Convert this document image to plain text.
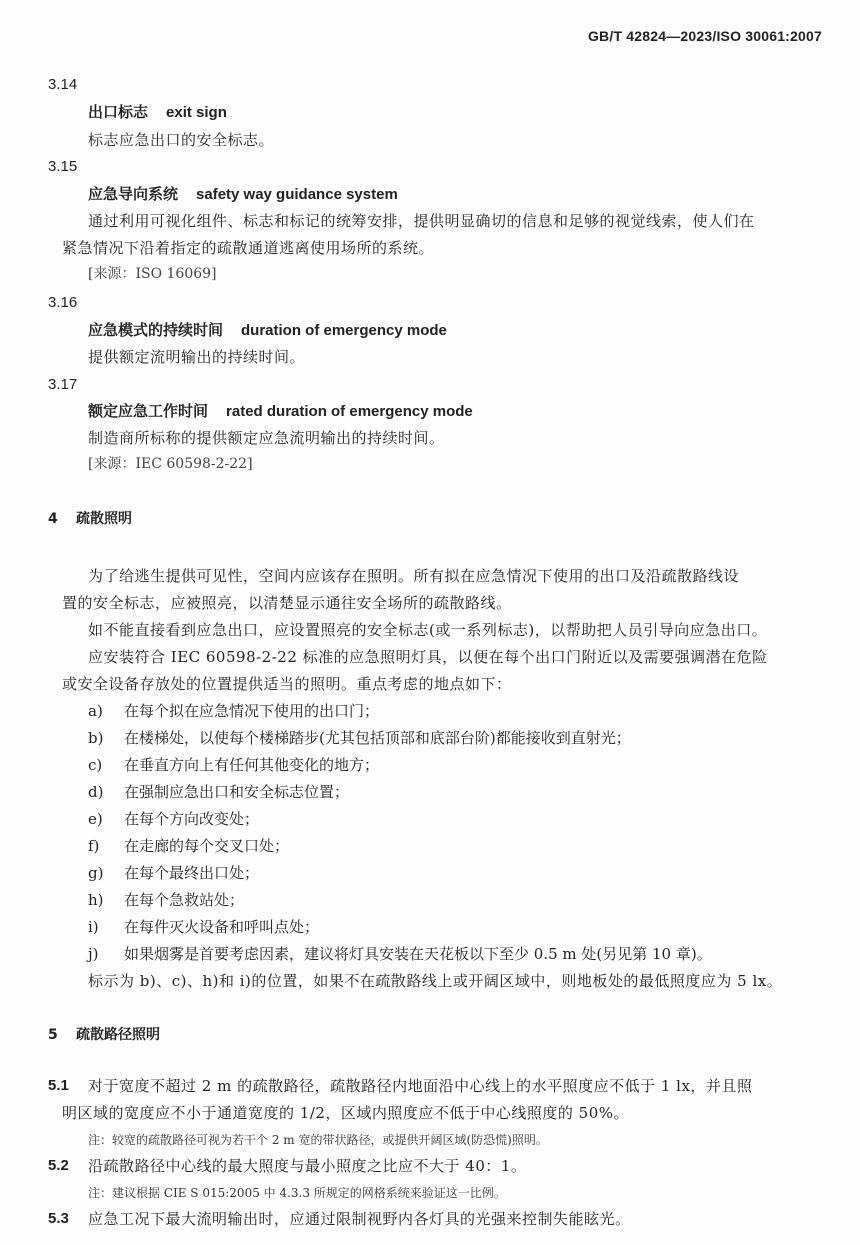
GB/T 42824—2023/ISO 30061:2007
3.14
出口标志 exit sign
标志应急出口的安全标志。
3.15
应急导向系统 safety way guidance system
通过利用可视化组件、标志和标记的统筹安排，提供明显确切的信息和足够的视觉线索，使人们在
紧急情况下沿着指定的疏散通道逃离使用场所的系统。
[来源：ISO 16069]
3.16
应急模式的持续时间 duration of emergency mode
提供额定流明输出的持续时间。
3.17
额定应急工作时间 rated duration of emergency mode
制造商所标称的提供额定应急流明输出的持续时间。
[来源：IEC 60598-2-22]
4 疏散照明
为了给逃生提供可见性，空间内应该存在照明。所有拟在应急情况下使用的出口及沿疏散路线设
置的安全标志，应被照亮，以清楚显示通往安全场所的疏散路线。
如不能直接看到应急出口，应设置照亮的安全标志(或一系列标志)，以帮助把人员引导向应急出口。
应安装符合 IEC 60598-2-22 标准的应急照明灯具，以便在每个出口门附近以及需要强调潜在危险
或安全设备存放处的位置提供适当的照明。重点考虑的地点如下：
a) 在每个拟在应急情况下使用的出口门；
b) 在楼梯处，以使每个楼梯踏步(尤其包括顶部和底部台阶)都能接收到直射光；
c) 在垂直方向上有任何其他变化的地方；
d) 在强制应急出口和安全标志位置；
e) 在每个方向改变处；
f) 在走廊的每个交叉口处；
g) 在每个最终出口处；
h) 在每个急救站处；
i) 在每件灭火设备和呼叫点处；
j) 如果烟雾是首要考虑因素，建议将灯具安装在天花板以下至少 0.5 m 处(另见第 10 章)。
标示为 b)、c)、h)和 i)的位置，如果不在疏散路线上或开阔区域中，则地板处的最低照度应为 5 lx。
5 疏散路径照明
5.1 对于宽度不超过 2 m 的疏散路径，疏散路径内地面沿中心线上的水平照度应不低于 1 lx，并且照
明区域的宽度应不小于通道宽度的 1/2，区域内照度应不低于中心线照度的 50%。
注：较宽的疏散路径可视为若干个 2 m 宽的带状路径，或提供开阔区域(防恐慌)照明。
5.2 沿疏散路径中心线的最大照度与最小照度之比应不大于 40：1。
注：建议根据 CIE S 015:2005 中 4.3.3 所规定的网格系统来验证这一比例。
5.3 应急工况下最大流明输出时，应通过限制视野内各灯具的光强来控制失能眩光。
